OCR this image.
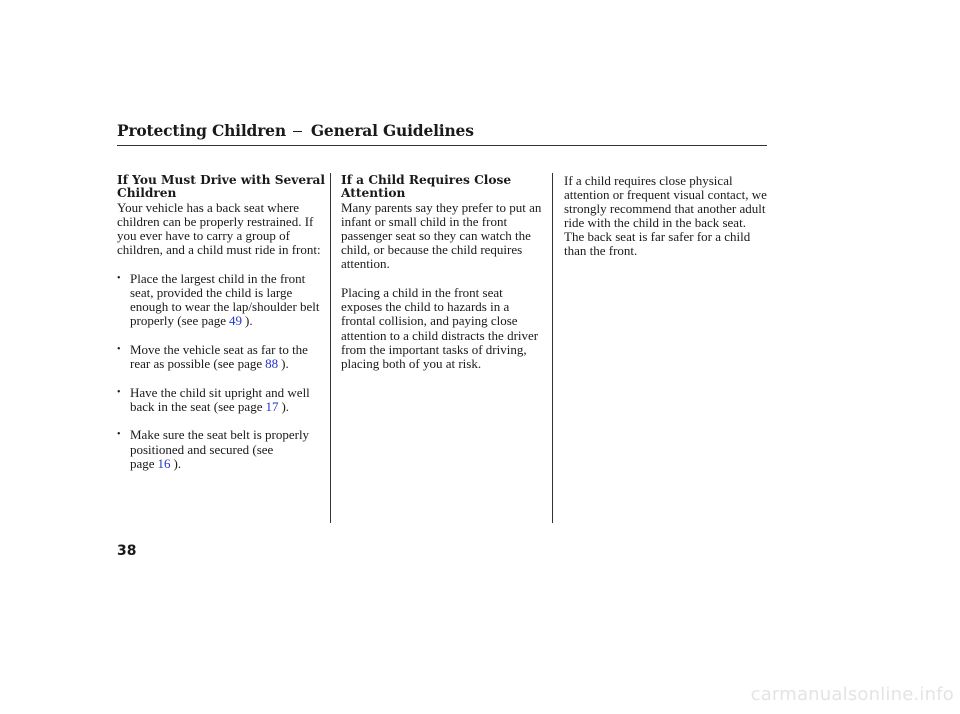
Protecting Children General Guidelines
If You Must Drive with Several Children

Your vehicle has a back seat where children can be properly restrained. If you ever have to carry a group of children, and a child must ride in front:

• Place the largest child in the front seat, provided the child is large enough to wear the lap/shoulder belt properly (see page 49 ).
• Move the vehicle seat as far to the rear as possible (see page 88 ).
• Have the child sit upright and well back in the seat (see page 17 ).
• Make sure the seat belt is properly positioned and secured (see page 16 ).
If a Child Requires Close Attention

Many parents say they prefer to put an infant or small child in the front passenger seat so they can watch the child, or because the child requires attention.

Placing a child in the front seat exposes the child to hazards in a frontal collision, and paying close attention to a child distracts the driver from the important tasks of driving, placing both of you at risk.

If a child requires close physical attention or frequent visual contact, we strongly recommend that another adult ride with the child in the back seat. The back seat is far safer for a child than the front.

38
carmanualsonline.info
